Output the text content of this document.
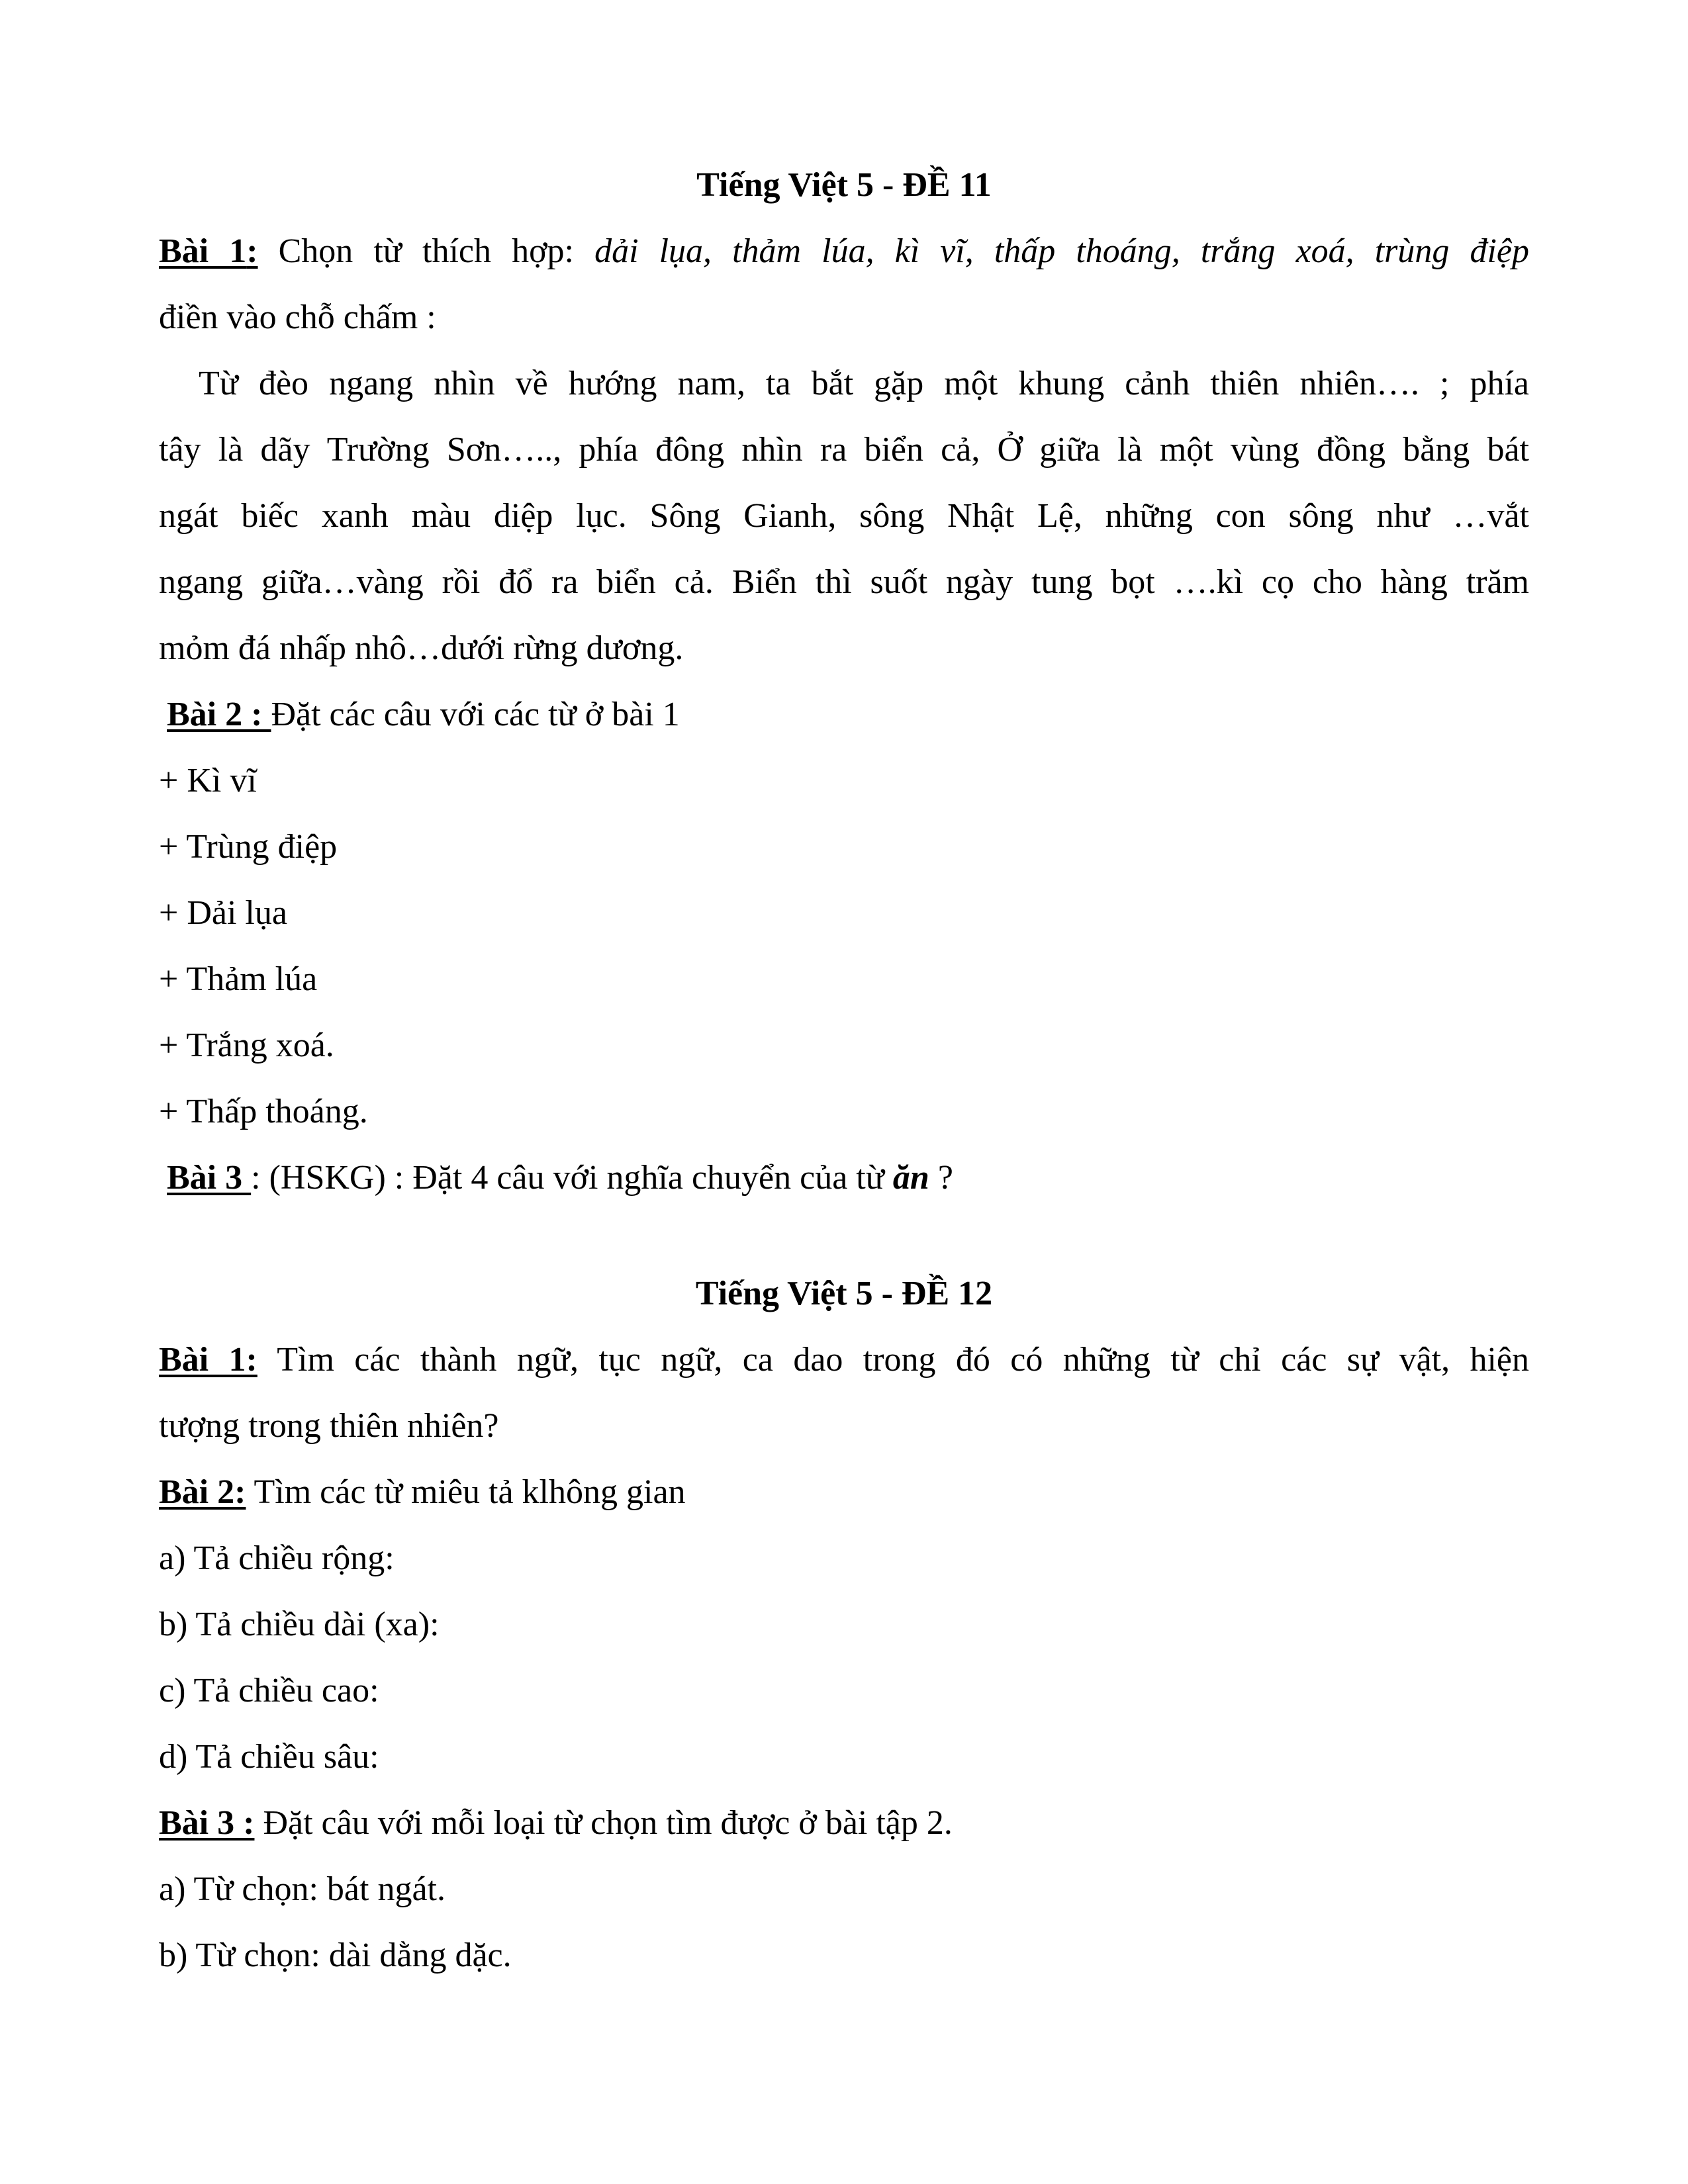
Tiếng Việt 5 - ĐỀ 11
Bài 1: Chọn từ thích hợp: dải lụa, thảm lúa, kì vĩ, thấp thoáng, trắng xoá, trùng điệp
điền vào chỗ chấm :
Từ đèo ngang nhìn về hướng nam, ta bắt gặp một khung cảnh thiên nhiên…. ; phía
tây là dãy Trường Sơn….., phía đông nhìn ra biển cả, Ở giữa là một vùng đồng bằng bát
ngát biếc xanh màu diệp lục. Sông Gianh, sông Nhật Lệ, những con sông như …vắt
ngang giữa…vàng rồi đổ ra biển cả. Biển thì suốt ngày tung bọt ….kì cọ cho hàng trăm
mỏm đá nhấp nhô…dưới rừng dương.
Bài 2 : Đặt các câu với các từ ở bài 1
+ Kì vĩ
+ Trùng điệp
+ Dải lụa
+ Thảm lúa
+ Trắng xoá.
+ Thấp thoáng.
Bài 3 : (HSKG) : Đặt 4 câu với nghĩa chuyển của từ ăn ?
Tiếng Việt 5 - ĐỀ 12
Bài 1: Tìm các thành ngữ, tục ngữ, ca dao trong đó có những từ chỉ các sự vật, hiện
tượng trong thiên nhiên?
Bài 2: Tìm các từ miêu tả klhông gian
a) Tả chiều rộng:
b) Tả chiều dài (xa):
c) Tả chiều cao:
d) Tả chiều sâu:
Bài 3 : Đặt câu với mỗi loại từ chọn tìm được ở bài tập 2.
a) Từ chọn: bát ngát.
b) Từ chọn: dài dằng dặc.
